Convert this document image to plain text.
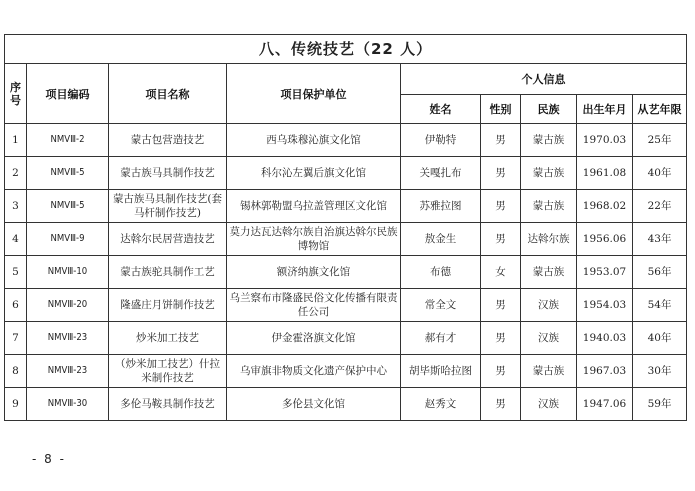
八、传统技艺（22 人）								
序号	项目编码	项目名称	项目保护单位	个人信息				
				姓名	性别	民族	出生年月	从艺年限
1	NMVⅢ-2	蒙古包营造技艺	西乌珠穆沁旗文化馆	伊勒特	男	蒙古族	1970.03	25年
2	NMVⅢ-5	蒙古族马具制作技艺	科尔沁左翼后旗文化馆	关嘎扎布	男	蒙古族	1961.08	40年
3	NMVⅢ-5	蒙古族马具制作技艺(套马杆制作技艺)	锡林郭勒盟乌拉盖管理区文化馆	苏雅拉图	男	蒙古族	1968.02	22年
4	NMVⅢ-9	达斡尔民居营造技艺	莫力达瓦达斡尔族自治旗达斡尔民族博物馆	敖金生	男	达斡尔族	1956.06	43年
5	NMVⅢ-10	蒙古族驼具制作工艺	额济纳旗文化馆	布德	女	蒙古族	1953.07	56年
6	NMVⅢ-20	隆盛庄月饼制作技艺	乌兰察布市隆盛民俗文化传播有限责任公司	常全文	男	汉族	1954.03	54年
7	NMVⅢ-23	炒米加工技艺	伊金霍洛旗文化馆	郝有才	男	汉族	1940.03	40年
8	NMVⅢ-23	（炒米加工技艺）什拉米制作技艺	乌审旗非物质文化遗产保护中心	胡毕斯哈拉图	男	蒙古族	1967.03	30年
9	NMVⅢ-30	多伦马鞍具制作技艺	多伦县文化馆	赵秀文	男	汉族	1947.06	59年
- 8 -
